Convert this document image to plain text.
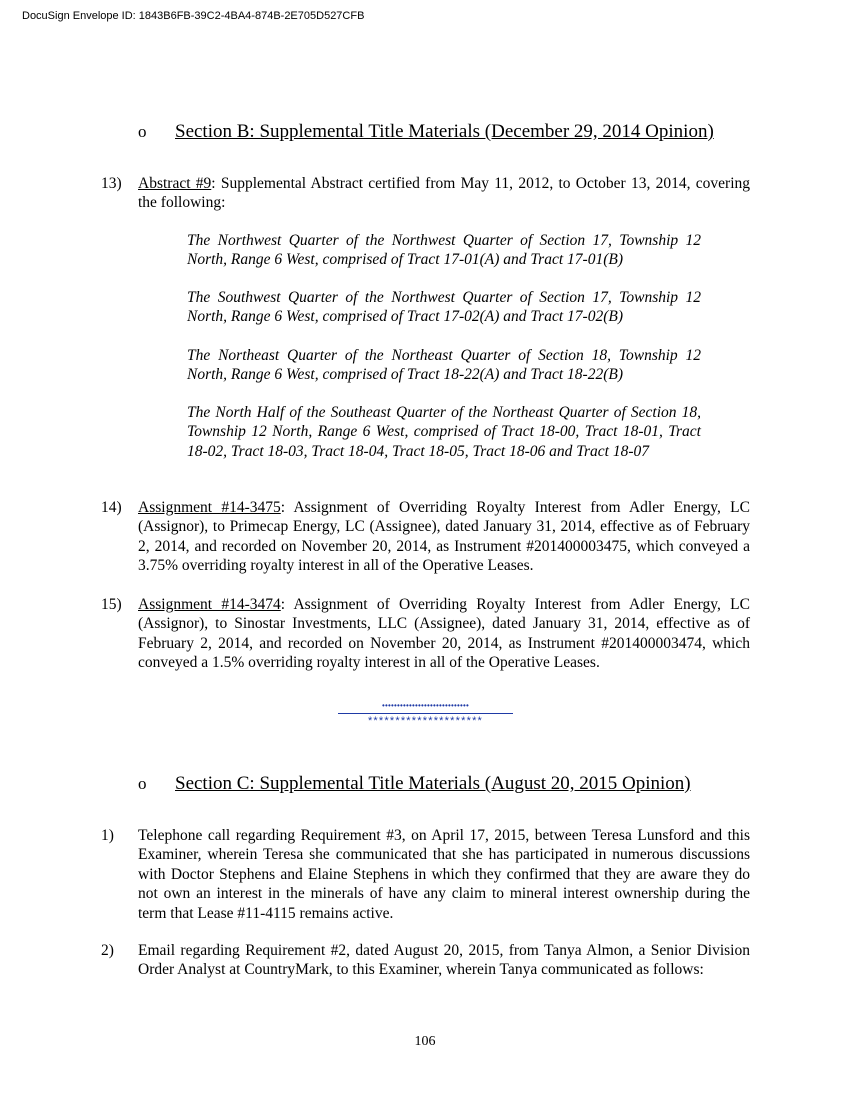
DocuSign Envelope ID: 1843B6FB-39C2-4BA4-874B-2E705D527CFB
o Section B: Supplemental Title Materials (December 29, 2014 Opinion)
13) Abstract #9: Supplemental Abstract certified from May 11, 2012, to October 13, 2014, covering the following:
The Northwest Quarter of the Northwest Quarter of Section 17, Township 12 North, Range 6 West, comprised of Tract 17-01(A) and Tract 17-01(B)
The Southwest Quarter of the Northwest Quarter of Section 17, Township 12 North, Range 6 West, comprised of Tract 17-02(A) and Tract 17-02(B)
The Northeast Quarter of the Northeast Quarter of Section 18, Township 12 North, Range 6 West, comprised of Tract 18-22(A) and Tract 18-22(B)
The North Half of the Southeast Quarter of the Northeast Quarter of Section 18, Township 12 North, Range 6 West, comprised of Tract 18-00, Tract 18-01, Tract 18-02, Tract 18-03, Tract 18-04, Tract 18-05, Tract 18-06 and Tract 18-07
14) Assignment #14-3475: Assignment of Overriding Royalty Interest from Adler Energy, LC (Assignor), to Primecap Energy, LC (Assignee), dated January 31, 2014, effective as of February 2, 2014, and recorded on November 20, 2014, as Instrument #201400003475, which conveyed a 3.75% overriding royalty interest in all of the Operative Leases.
15) Assignment #14-3474: Assignment of Overriding Royalty Interest from Adler Energy, LC (Assignor), to Sinostar Investments, LLC (Assignee), dated January 31, 2014, effective as of February 2, 2014, and recorded on November 20, 2014, as Instrument #201400003474, which conveyed a 1.5% overriding royalty interest in all of the Operative Leases.
•••••••••••••••••••••••••••••
*********************
o Section C: Supplemental Title Materials (August 20, 2015 Opinion)
1) Telephone call regarding Requirement #3, on April 17, 2015, between Teresa Lunsford and this Examiner, wherein Teresa she communicated that she has participated in numerous discussions with Doctor Stephens and Elaine Stephens in which they confirmed that they are aware they do not own an interest in the minerals of have any claim to mineral interest ownership during the term that Lease #11-4115 remains active.
2) Email regarding Requirement #2, dated August 20, 2015, from Tanya Almon, a Senior Division Order Analyst at CountryMark, to this Examiner, wherein Tanya communicated as follows:
106
